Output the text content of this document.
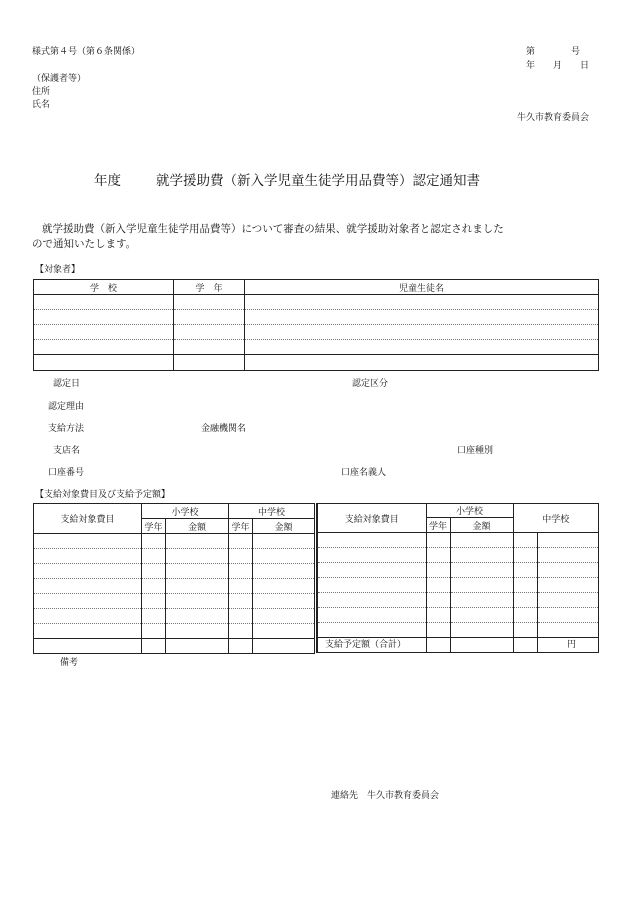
様式第４号（第６条関係）	第　　　　号
年　　月　　日
（保護者等）
住所
氏名
牛久市教育委員会
年度	就学援助費（新入学児童生徒学用品費等）認定通知書
就学援助費（新入学児童生徒学用品費等）について審査の結果、就学援助対象者と認定されました
ので通知いたします。
【対象者】
学　校	学　年	児童生徒名

認定日	認定区分
認定理由
支給方法	金融機関名
支店名	口座種別
口座番号	口座名義人
【支給対象費目及び支給予定額】
支給対象費目	小学校		中学校	
	学年	金額	学年	金額

支給対象費目	小学校		中学校	
	学年	金額		

支給予定額（合計）	円
備考
連絡先　牛久市教育委員会
